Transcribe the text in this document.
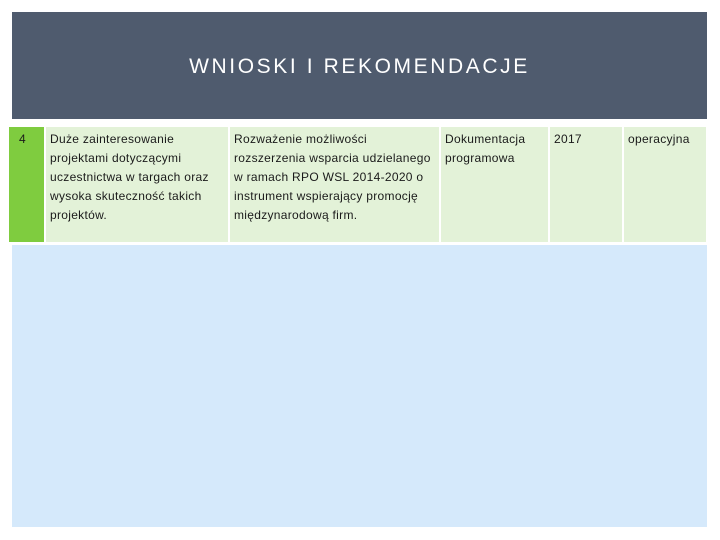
WNIOSKI I REKOMENDACJE
4	Duże zainteresowanie projektami dotyczącymi uczestnictwa w targach oraz wysoka skuteczność takich projektów.	Rozważenie możliwości rozszerzenia wsparcia udzielanego w ramach RPO WSL 2014-2020 o instrument wspierający promocję międzynarodową firm.	Dokumentacja programowa	2017	operacyjna
